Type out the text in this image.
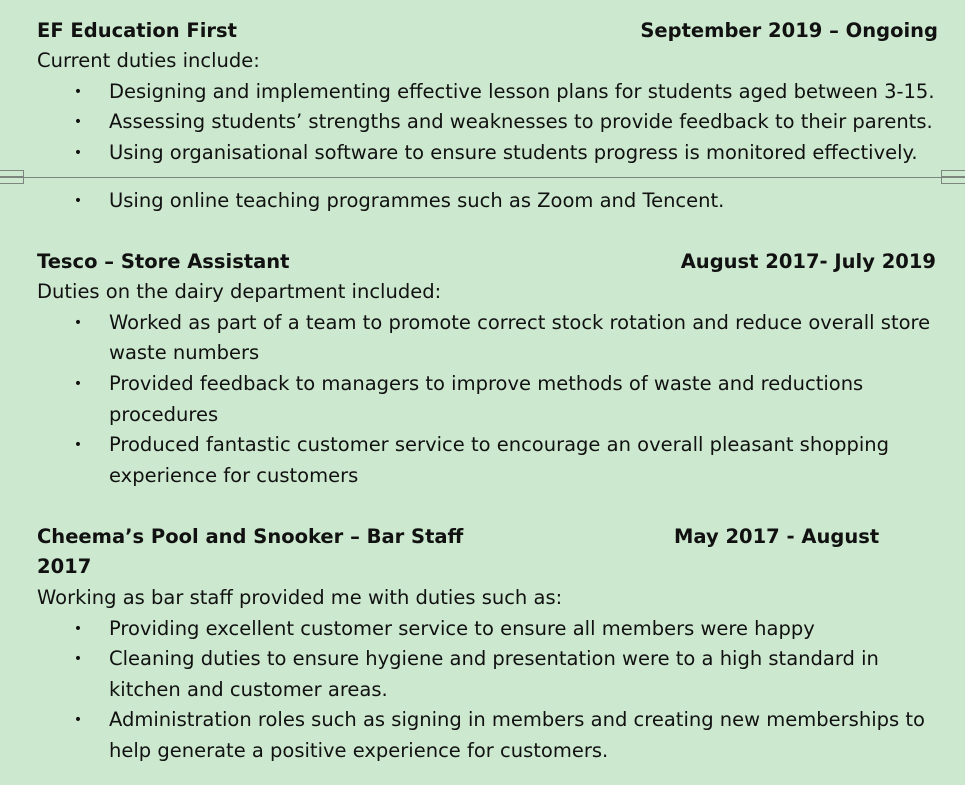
EF Education First	September 2019 – Ongoing
Current duties include:
• Designing and implementing effective lesson plans for students aged between 3-15.
• Assessing students’ strengths and weaknesses to provide feedback to their parents.
• Using organisational software to ensure students progress is monitored effectively.
• Using online teaching programmes such as Zoom and Tencent.
Tesco – Store Assistant	August 2017- July 2019
Duties on the dairy department included:
• Worked as part of a team to promote correct stock rotation and reduce overall store
waste numbers
• Provided feedback to managers to improve methods of waste and reductions
procedures
• Produced fantastic customer service to encourage an overall pleasant shopping
experience for customers
Cheema’s Pool and Snooker – Bar Staff	May 2017 - August
2017
Working as bar staff provided me with duties such as:
• Providing excellent customer service to ensure all members were happy
• Cleaning duties to ensure hygiene and presentation were to a high standard in
kitchen and customer areas.
• Administration roles such as signing in members and creating new memberships to
help generate a positive experience for customers.
